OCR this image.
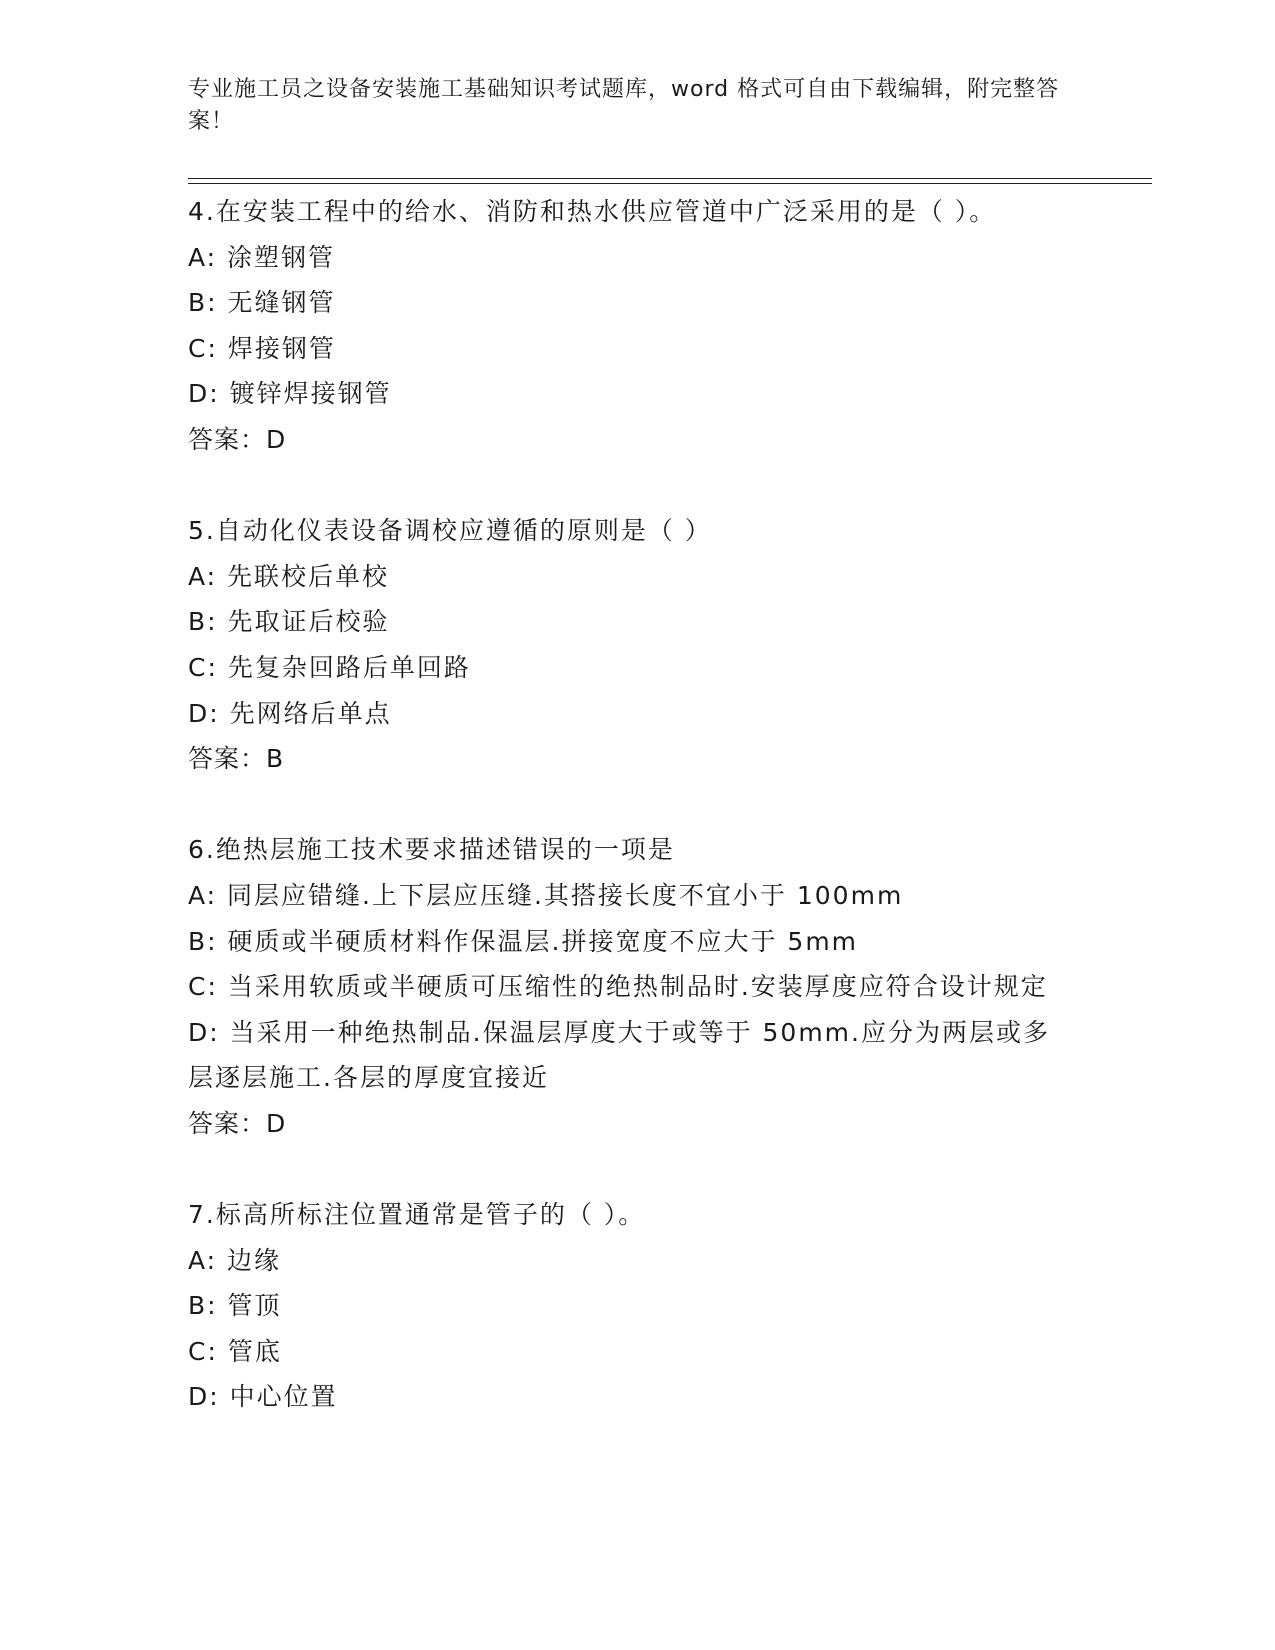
专业施工员之设备安装施工基础知识考试题库，word 格式可自由下载编辑，附完整答案！
4.在安装工程中的给水、消防和热水供应管道中广泛采用的是（ ）。
A: 涂塑钢管
B: 无缝钢管
C: 焊接钢管
D: 镀锌焊接钢管
答案：D
5.自动化仪表设备调校应遵循的原则是（ ）
A: 先联校后单校
B: 先取证后校验
C: 先复杂回路后单回路
D: 先网络后单点
答案：B
6.绝热层施工技术要求描述错误的一项是
A: 同层应错缝.上下层应压缝.其搭接长度不宜小于 100mm
B: 硬质或半硬质材料作保温层.拼接宽度不应大于 5mm
C: 当采用软质或半硬质可压缩性的绝热制品时.安装厚度应符合设计规定
D: 当采用一种绝热制品.保温层厚度大于或等于 50mm.应分为两层或多层逐层施工.各层的厚度宜接近
答案：D
7.标高所标注位置通常是管子的（ ）。
A: 边缘
B: 管顶
C: 管底
D: 中心位置
